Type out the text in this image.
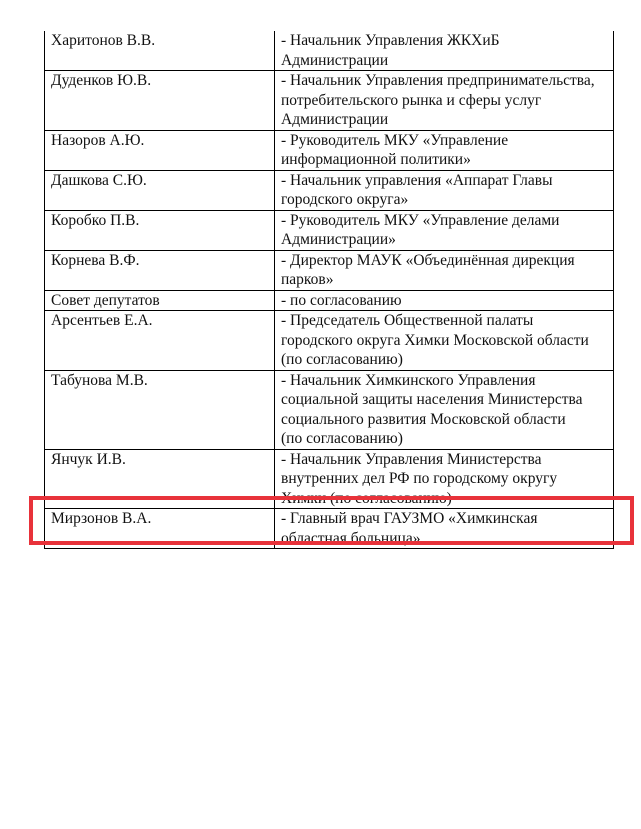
Харитонов В.В.	- Начальник Управления ЖКХиБ
Администрации
Дуденков Ю.В.	- Начальник Управления предпринимательства,
потребительского рынка и сферы услуг
Администрации
Назоров А.Ю.	- Руководитель МКУ «Управление
информационной политики»
Дашкова С.Ю.	- Начальник управления «Аппарат Главы
городского округа»
Коробко П.В.	- Руководитель МКУ «Управление делами
Администрации»
Корнева В.Ф.	- Директор МАУК «Объединённая дирекция
парков»
Совет депутатов	- по согласованию
Арсентьев Е.А.	- Председатель Общественной палаты
городского округа Химки Московской области
(по согласованию)
Табунова М.В.	- Начальник Химкинского Управления
социальной защиты населения Министерства
социального развития Московской области
(по согласованию)
Янчук И.В.	- Начальник Управления Министерства
внутренних дел РФ по городскому округу
Химки (по согласованию)
Мирзонов В.А.	- Главный врач ГАУЗМО «Химкинская
областная больница»
